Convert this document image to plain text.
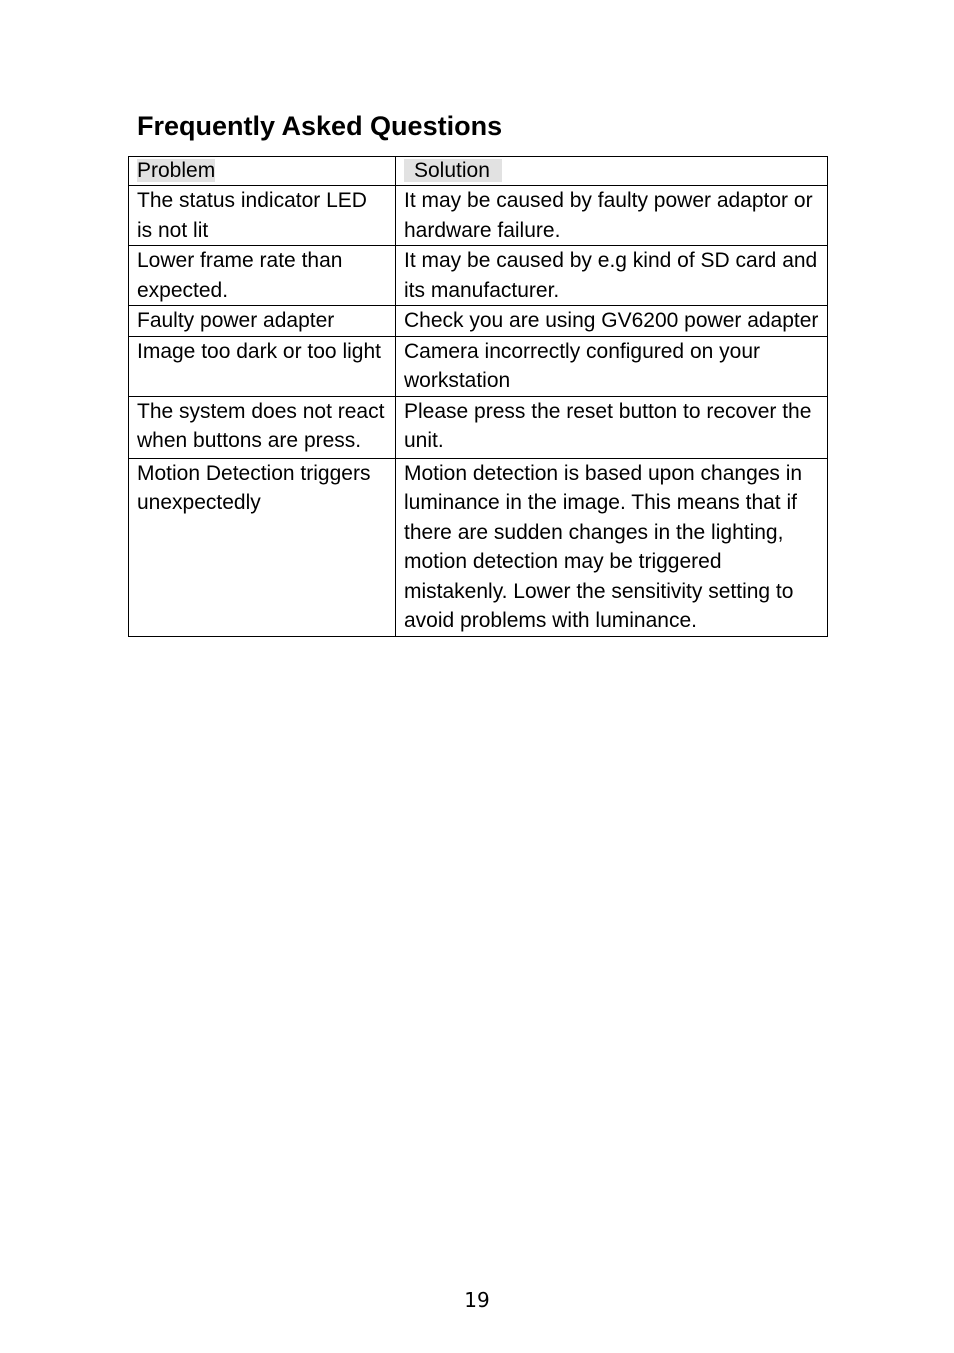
Frequently Asked Questions
Problem	Solution
The status indicator LED is not lit	It may be caused by faulty power adaptor or hardware failure.
Lower frame rate than expected.	It may be caused by e.g kind of SD card and its manufacturer.
Faulty power adapter	Check you are using GV6200 power adapter
Image too dark or too light	Camera incorrectly configured on your workstation
The system does not react when buttons are press.	Please press the reset button to recover the unit.
Motion Detection triggers unexpectedly	Motion detection is based upon changes in luminance in the image. This means that if there are sudden changes in the lighting, motion detection may be triggered mistakenly. Lower the sensitivity setting to avoid problems with luminance.
19
